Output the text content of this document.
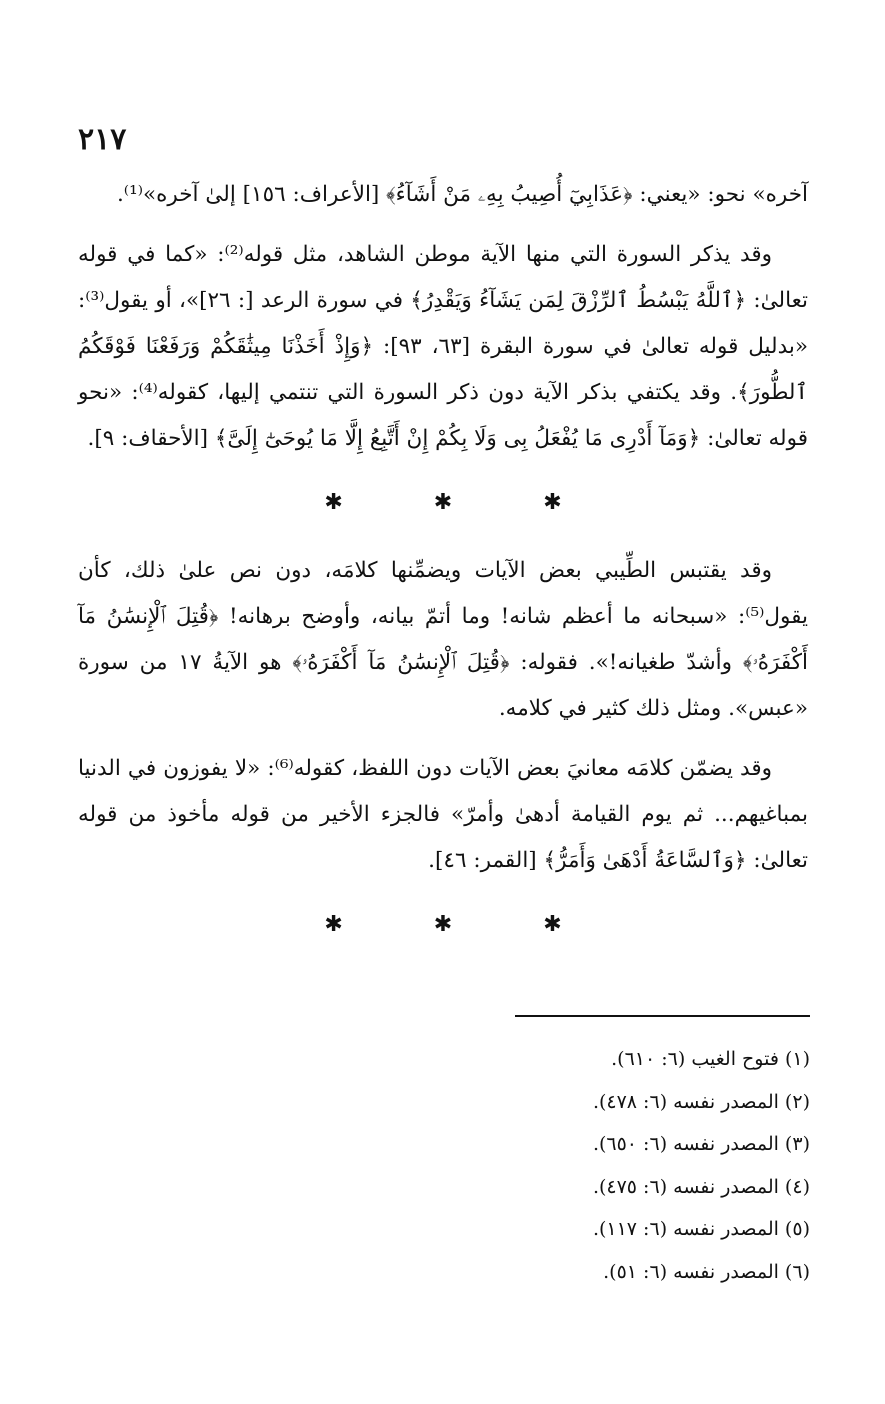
٢١٧

آخره» نحو: «يعني: ﴿عَذَابِيٓ أُصِيبُ بِهِۦ مَنْ أَشَآءُ﴾ [الأعراف: ١٥٦] إلىٰ آخره»⁽¹⁾.

وقد يذكر السورة التي منها الآية موطن الشاهد، مثل قوله⁽²⁾: «كما في قوله تعالىٰ: ﴿ٱللَّهُ يَبْسُطُ ٱلرِّزْقَ لِمَن يَشَآءُ وَيَقْدِرُ﴾ في سورة الرعد [: ٢٦]»، أو يقول⁽³⁾: «بدليل قوله تعالىٰ في سورة البقرة [٦٣، ٩٣]: ﴿وَإِذْ أَخَذْنَا مِيثَٰقَكُمْ وَرَفَعْنَا فَوْقَكُمُ ٱلطُّورَ﴾. وقد يكتفي بذكر الآية دون ذكر السورة التي تنتمي إليها، كقوله⁽⁴⁾: «نحو قوله تعالىٰ: ﴿وَمَآ أَدْرِى مَا يُفْعَلُ بِى وَلَا بِكُمْ إِنْ أَتَّبِعُ إِلَّا مَا يُوحَىٰٓ إِلَىَّ﴾ [الأحقاف: ٩].

✱ ✱ ✱

وقد يقتبس الطِّيبي بعض الآيات ويضمِّنها كلامَه، دون نص علىٰ ذلك، كأن يقول⁽⁵⁾: «سبحانه ما أعظم شانه! وما أتمّ بيانه، وأوضح برهانه! ﴿قُتِلَ ٱلْإِنسَٰنُ مَآ أَكْفَرَهُۥ﴾ وأشدّ طغيانه!». فقوله: ﴿قُتِلَ ٱلْإِنسَٰنُ مَآ أَكْفَرَهُۥ﴾ هو الآيةُ ١٧ من سورة «عبس». ومثل ذلك كثير في كلامه.

وقد يضمّن كلامَه معانيَ بعض الآيات دون اللفظ، كقوله⁽⁶⁾: «لا يفوزون في الدنيا بمباغيهم... ثم يوم القيامة أدهىٰ وأمرّ» فالجزء الأخير من قوله مأخوذ من قوله تعالىٰ: ﴿وَٱلسَّاعَةُ أَدْهَىٰ وَأَمَرُّ﴾ [القمر: ٤٦].

✱ ✱ ✱
(١) فتوح الغيب (٦: ٦١٠).
(٢) المصدر نفسه (٦: ٤٧٨).
(٣) المصدر نفسه (٦: ٦٥٠).
(٤) المصدر نفسه (٦: ٤٧٥).
(٥) المصدر نفسه (٦: ١١٧).
(٦) المصدر نفسه (٦: ٥١).
